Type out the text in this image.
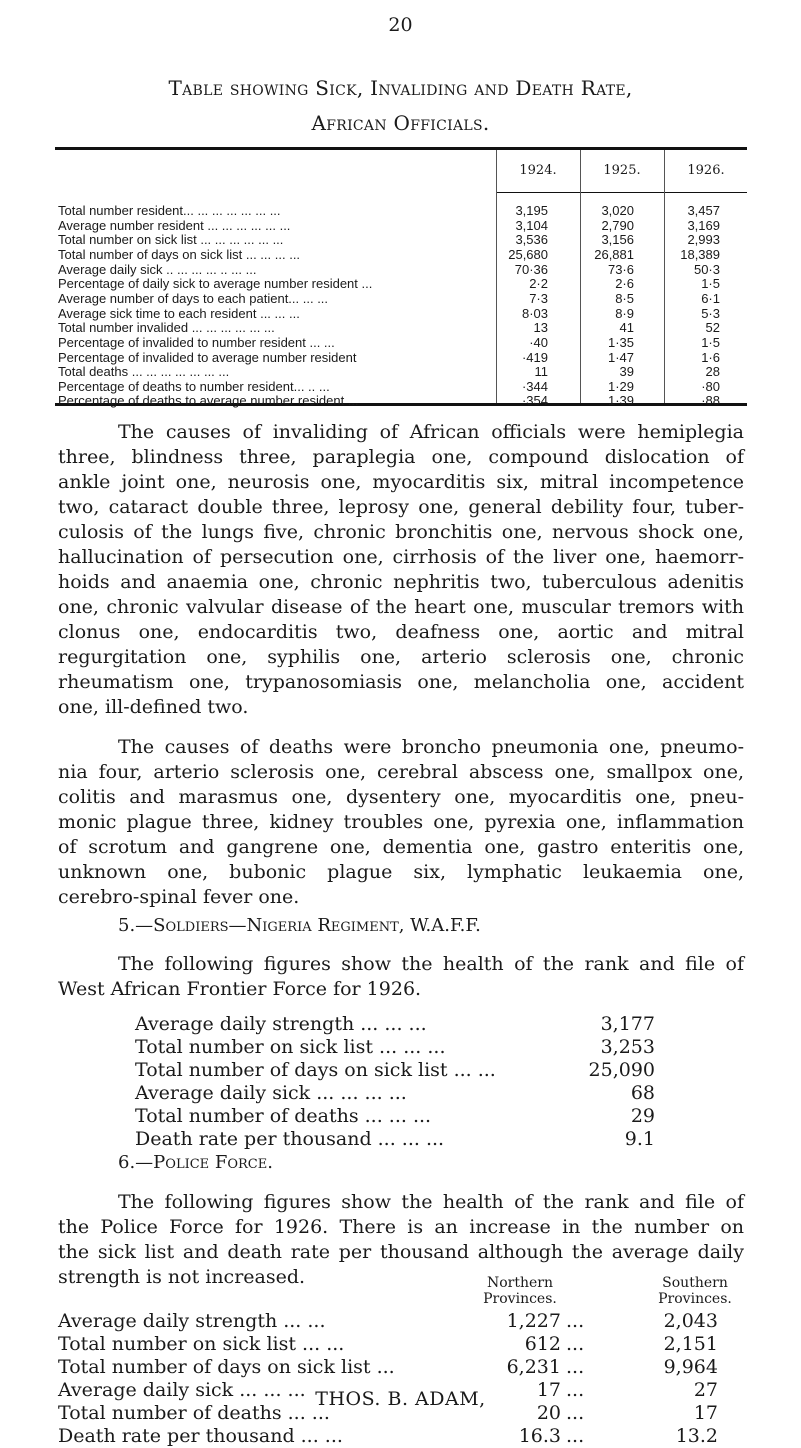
20
Table showing Sick, Invaliding and Death Rate,
African Officials.
1924.	1925.	1926.
Total number resident... ... ... ... ... ... ...	3,195	3,020	3,457
Average number resident ... ... ... ... ... ...	3,104	2,790	3,169
Total number on sick list ... ... ... ... ... ...	3,536	3,156	2,993
Total number of days on sick list ... ... ... ...	25,680	26,881	18,389
Average daily sick .. ... ... ... .. ... ...	70·36	73·6	50·3
Percentage of daily sick to average number resident ...	2·2	2·6	1·5
Average number of days to each patient... ... ...	7·3	8·5	6·1
Average sick time to each resident ... ... ...	8·03	8·9	5·3
Total number invalided ... ... ... ... ... ...	13	41	52
Percentage of invalided to number resident ... ...	·40	1·35	1·5
Percentage of invalided to average number resident	·419	1·47	1·6
Total deaths ... ... ... ... ... ... ...	11	39	28
Percentage of deaths to number resident... .. ...	·344	1·29	·80
Percentage of deaths to average number resident ...	·354	1·39	·88
The causes of invaliding of African officials were hemiplegia
three, blindness three, paraplegia one, compound dislocation of
ankle joint one, neurosis one, myocarditis six, mitral incompetence
two, cataract double three, leprosy one, general debility four, tuber-
culosis of the lungs five, chronic bronchitis one, nervous shock one,
hallucination of persecution one, cirrhosis of the liver one, haemorr-
hoids and anaemia one, chronic nephritis two, tuberculous adenitis
one, chronic valvular disease of the heart one, muscular tremors with
clonus one, endocarditis two, deafness one, aortic and mitral
regurgitation one, syphilis one, arterio sclerosis one, chronic
rheumatism one, trypanosomiasis one, melancholia one, accident
one, ill-defined two.
The causes of deaths were broncho pneumonia one, pneumo-
nia four, arterio sclerosis one, cerebral abscess one, smallpox one,
colitis and marasmus one, dysentery one, myocarditis one, pneu-
monic plague three, kidney troubles one, pyrexia one, inflammation
of scrotum and gangrene one, dementia one, gastro enteritis one,
unknown one, bubonic plague six, lymphatic leukaemia one,
cerebro-spinal fever one.
5.—Soldiers—Nigeria Regiment, W.A.F.F.
The following figures show the health of the rank and file of
West African Frontier Force for 1926.
Average daily strength ... ... ...	3,177
Total number on sick list ... ... ...	3,253
Total number of days on sick list ... ...	25,090
Average daily sick ... ... ... ...	68
Total number of deaths ... ... ...	29
Death rate per thousand ... ... ...	9.1
6.—Police Force.
The following figures show the health of the rank and file of
the Police Force for 1926. There is an increase in the number on
the sick list and death rate per thousand although the average daily
strength is not increased.	Northern
Provinces.
Southern
Provinces.
Average daily strength ... ...	1,227 ...	2,043
Total number on sick list ... ...	612 ...	2,151
Total number of days on sick list ...	6,231 ...	9,964
Average daily sick ... ... ...	17 ...	27
Total number of deaths ... ...	20 ...	17
Death rate per thousand ... ...	16.3 ...	13.2
THOS. B. ADAM,
